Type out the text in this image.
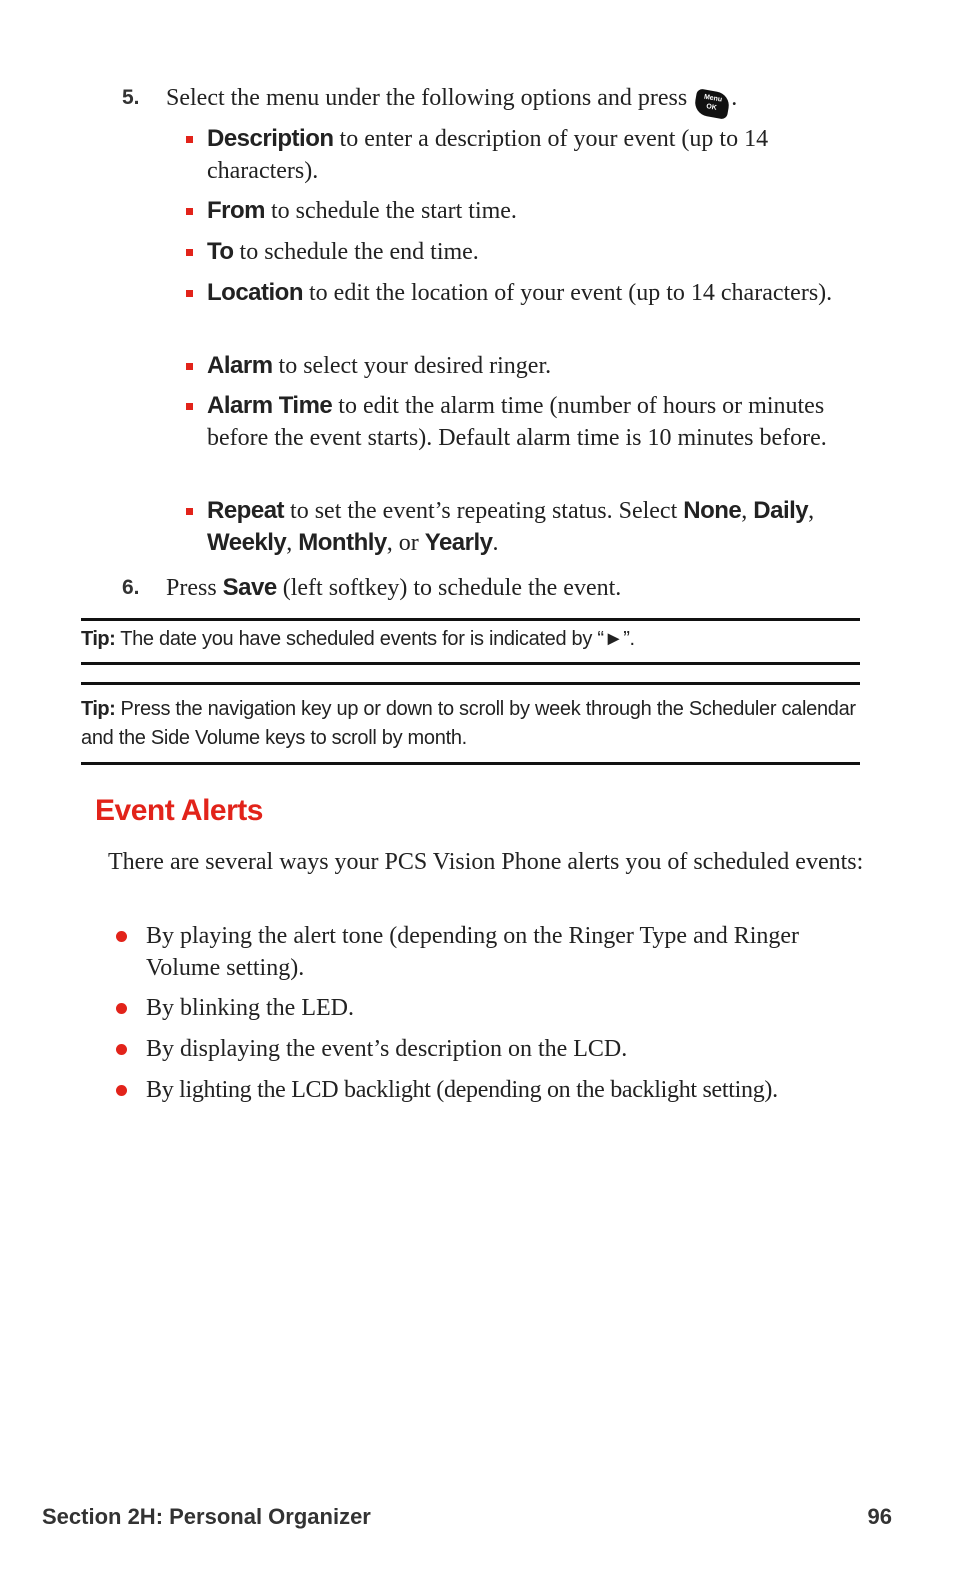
5. Select the menu under the following options and press Menu
OK .
Description to enter a description of your event (up to 14 characters).
From to schedule the start time.
To to schedule the end time.
Location to edit the location of your event (up to 14 characters).
Alarm to select your desired ringer.
Alarm Time to edit the alarm time (number of hours or minutes before the event starts). Default alarm time is 10 minutes before.
Repeat to set the event’s repeating status. Select None, Daily, Weekly, Monthly, or Yearly.
6. Press Save (left softkey) to schedule the event.
Tip: The date you have scheduled events for is indicated by “►”.
Tip: Press the navigation key up or down to scroll by week through the Scheduler calendar and the Side Volume keys to scroll by month.
Event Alerts
There are several ways your PCS Vision Phone alerts you of scheduled events:
By playing the alert tone (depending on the Ringer Type and Ringer Volume setting).
By blinking the LED.
By displaying the event’s description on the LCD.
By lighting the LCD backlight (depending on the backlight setting).
Section 2H: Personal Organizer	96
